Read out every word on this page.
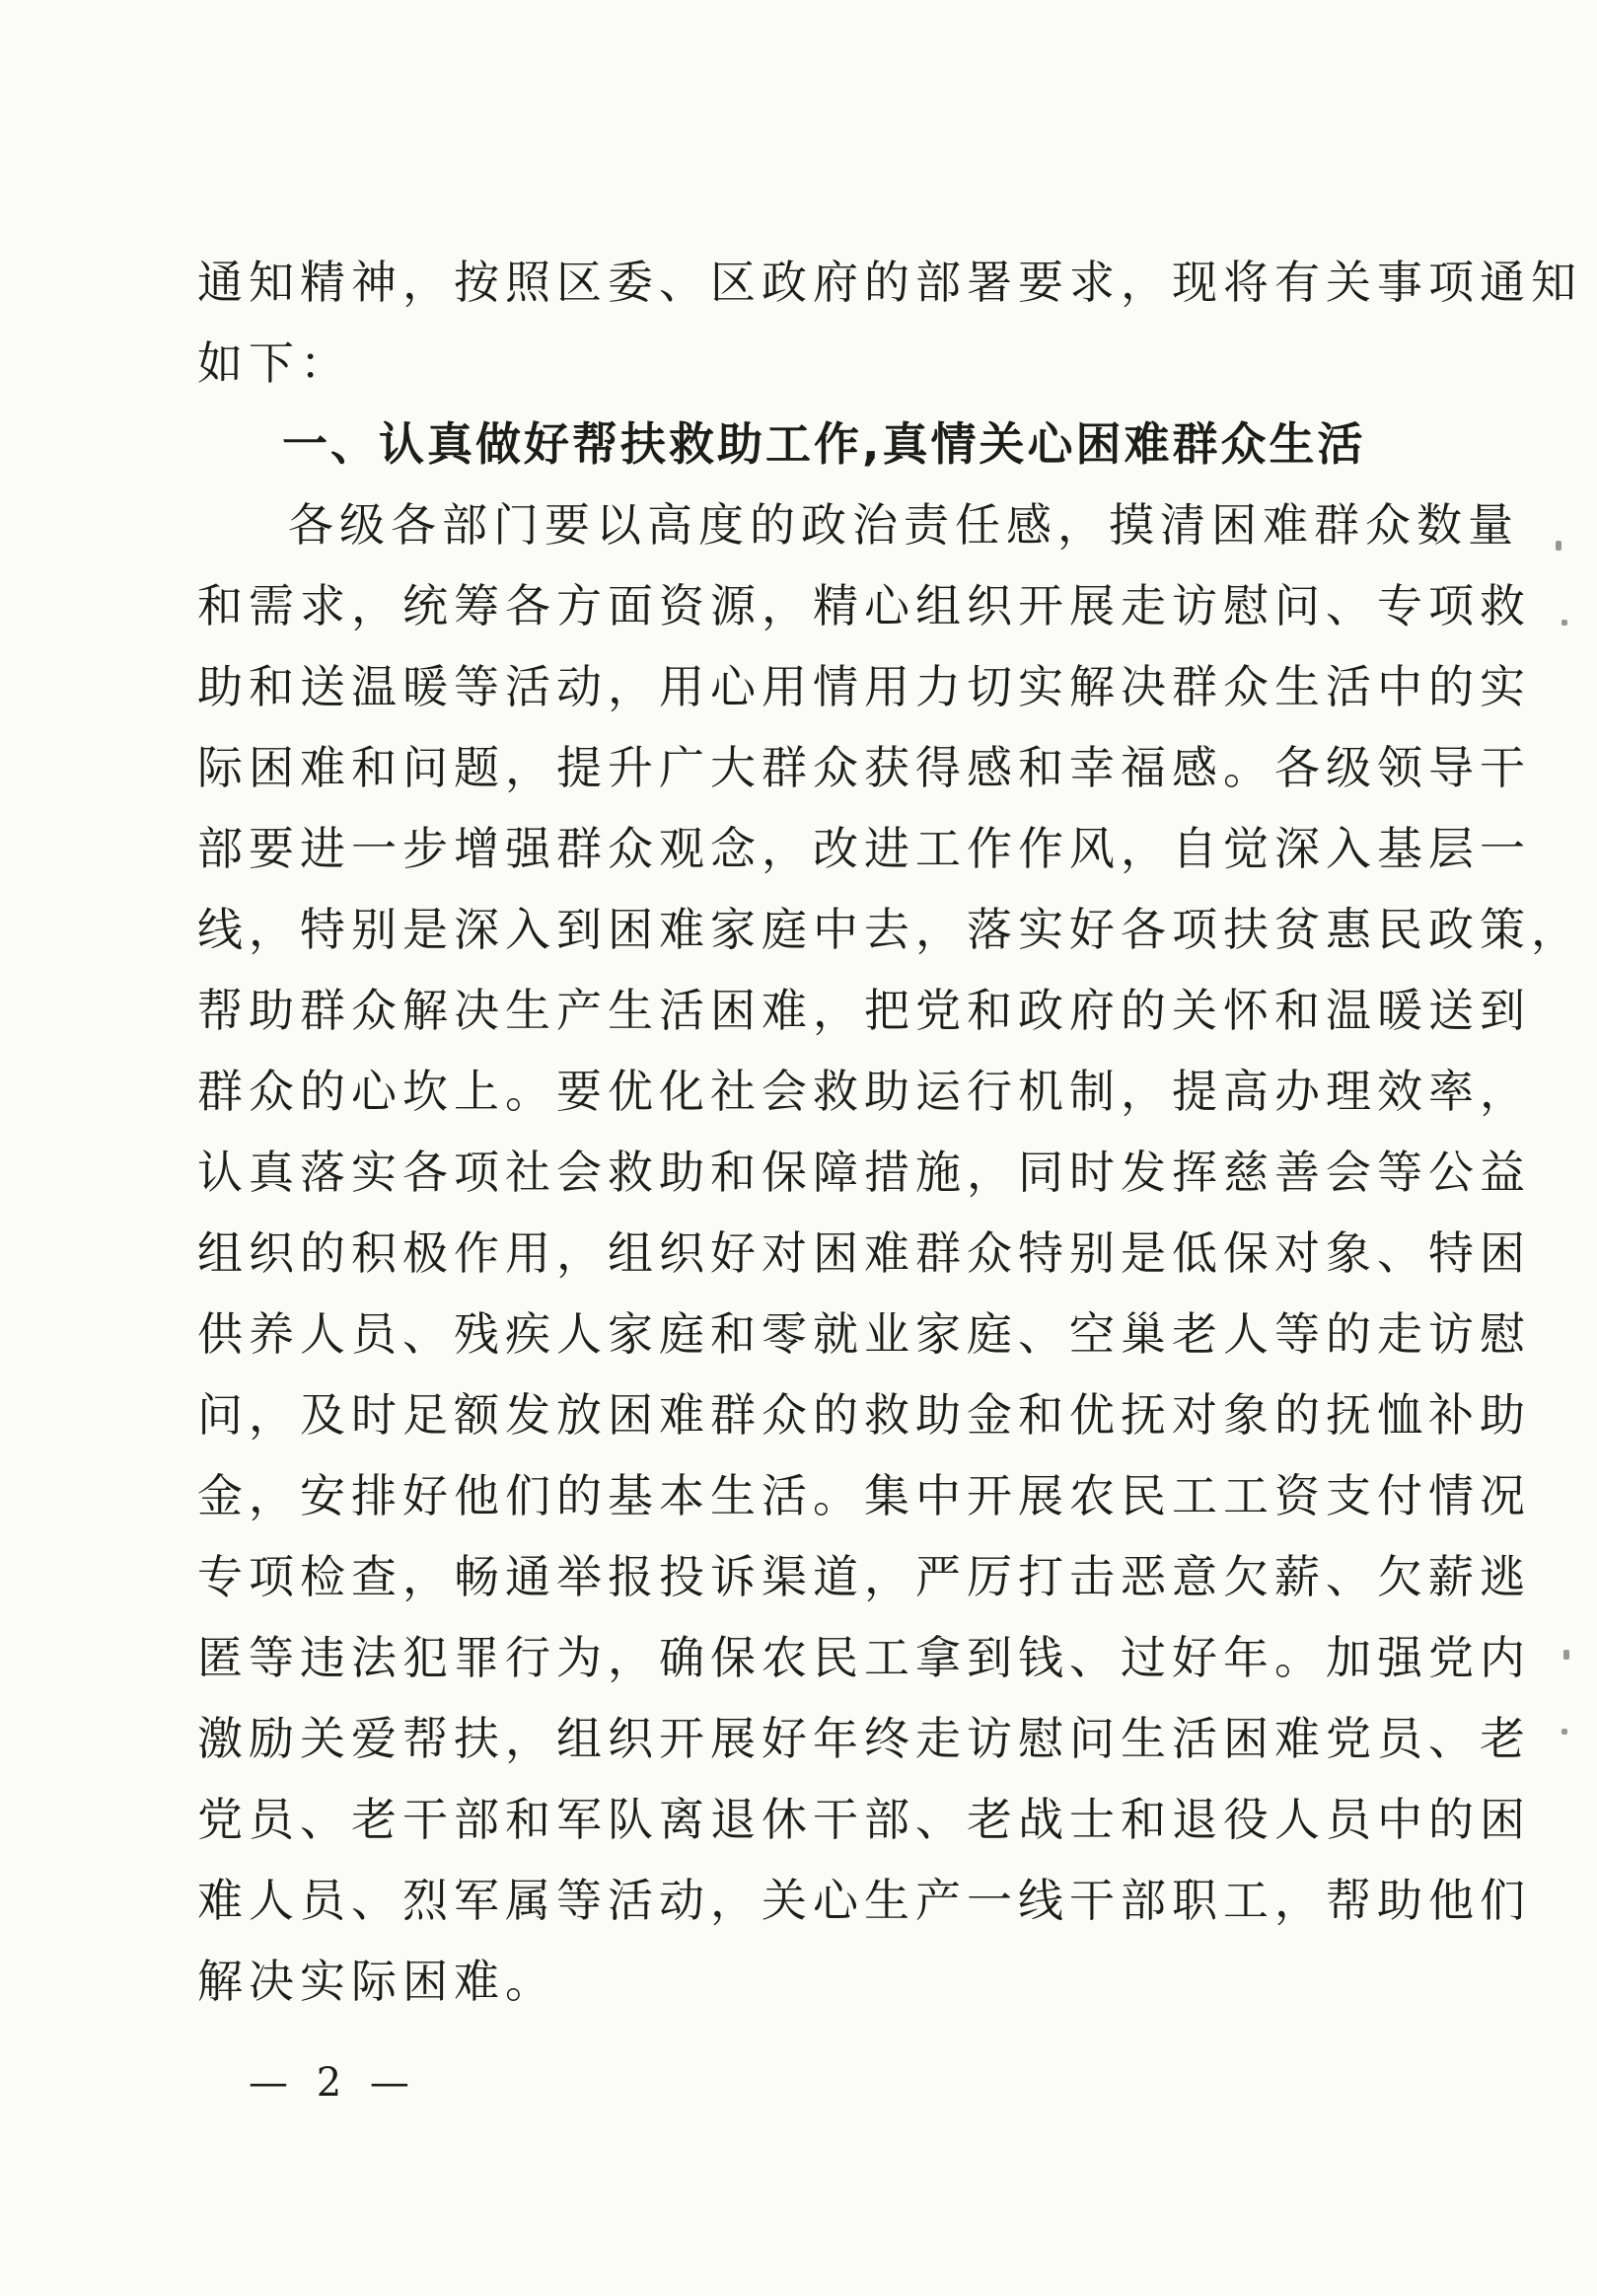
通知精神，按照区委、区政府的部署要求，现将有关事项通知
如下：
一、认真做好帮扶救助工作,真情关心困难群众生活
各级各部门要以高度的政治责任感，摸清困难群众数量
和需求，统筹各方面资源，精心组织开展走访慰问、专项救
助和送温暖等活动，用心用情用力切实解决群众生活中的实
际困难和问题，提升广大群众获得感和幸福感。各级领导干
部要进一步增强群众观念，改进工作作风，自觉深入基层一
线，特别是深入到困难家庭中去，落实好各项扶贫惠民政策，
帮助群众解决生产生活困难，把党和政府的关怀和温暖送到
群众的心坎上。要优化社会救助运行机制，提高办理效率，
认真落实各项社会救助和保障措施，同时发挥慈善会等公益
组织的积极作用，组织好对困难群众特别是低保对象、特困
供养人员、残疾人家庭和零就业家庭、空巢老人等的走访慰
问，及时足额发放困难群众的救助金和优抚对象的抚恤补助
金，安排好他们的基本生活。集中开展农民工工资支付情况
专项检查，畅通举报投诉渠道，严厉打击恶意欠薪、欠薪逃
匿等违法犯罪行为，确保农民工拿到钱、过好年。加强党内
激励关爱帮扶，组织开展好年终走访慰问生活困难党员、老
党员、老干部和军队离退休干部、老战士和退役人员中的困
难人员、烈军属等活动，关心生产一线干部职工，帮助他们
解决实际困难。
— 2 —
